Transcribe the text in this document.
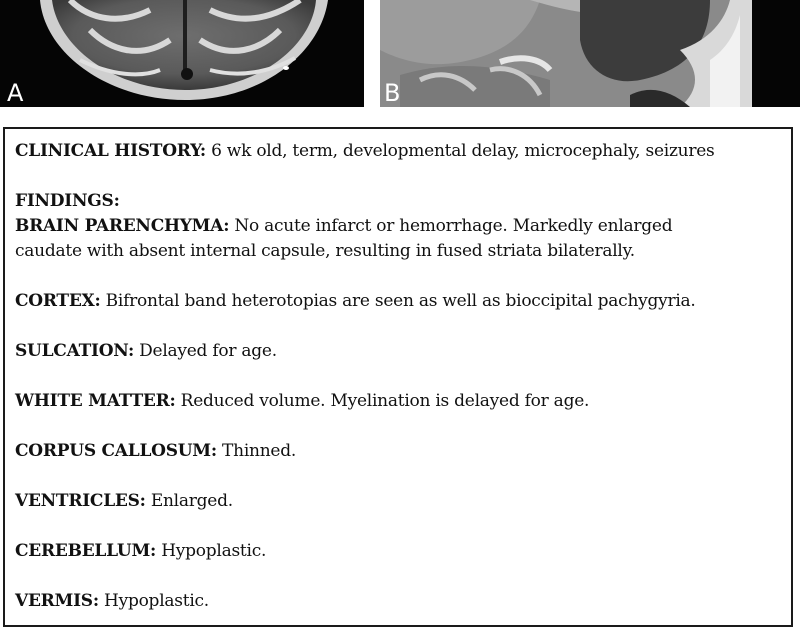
A	B

CLINICAL HISTORY: 6 wk old, term, developmental delay, microcephaly, seizures

FINDINGS:

BRAIN PARENCHYMA: No acute infarct or hemorrhage. Markedly enlarged

caudate with absent internal capsule, resulting in fused striata bilaterally.

CORTEX: Bifrontal band heterotopias are seen as well as bioccipital pachygyria.

SULCATION: Delayed for age.

WHITE MATTER: Reduced volume. Myelination is delayed for age.

CORPUS CALLOSUM: Thinned.

VENTRICLES: Enlarged.

CEREBELLUM: Hypoplastic.

VERMIS: Hypoplastic.
